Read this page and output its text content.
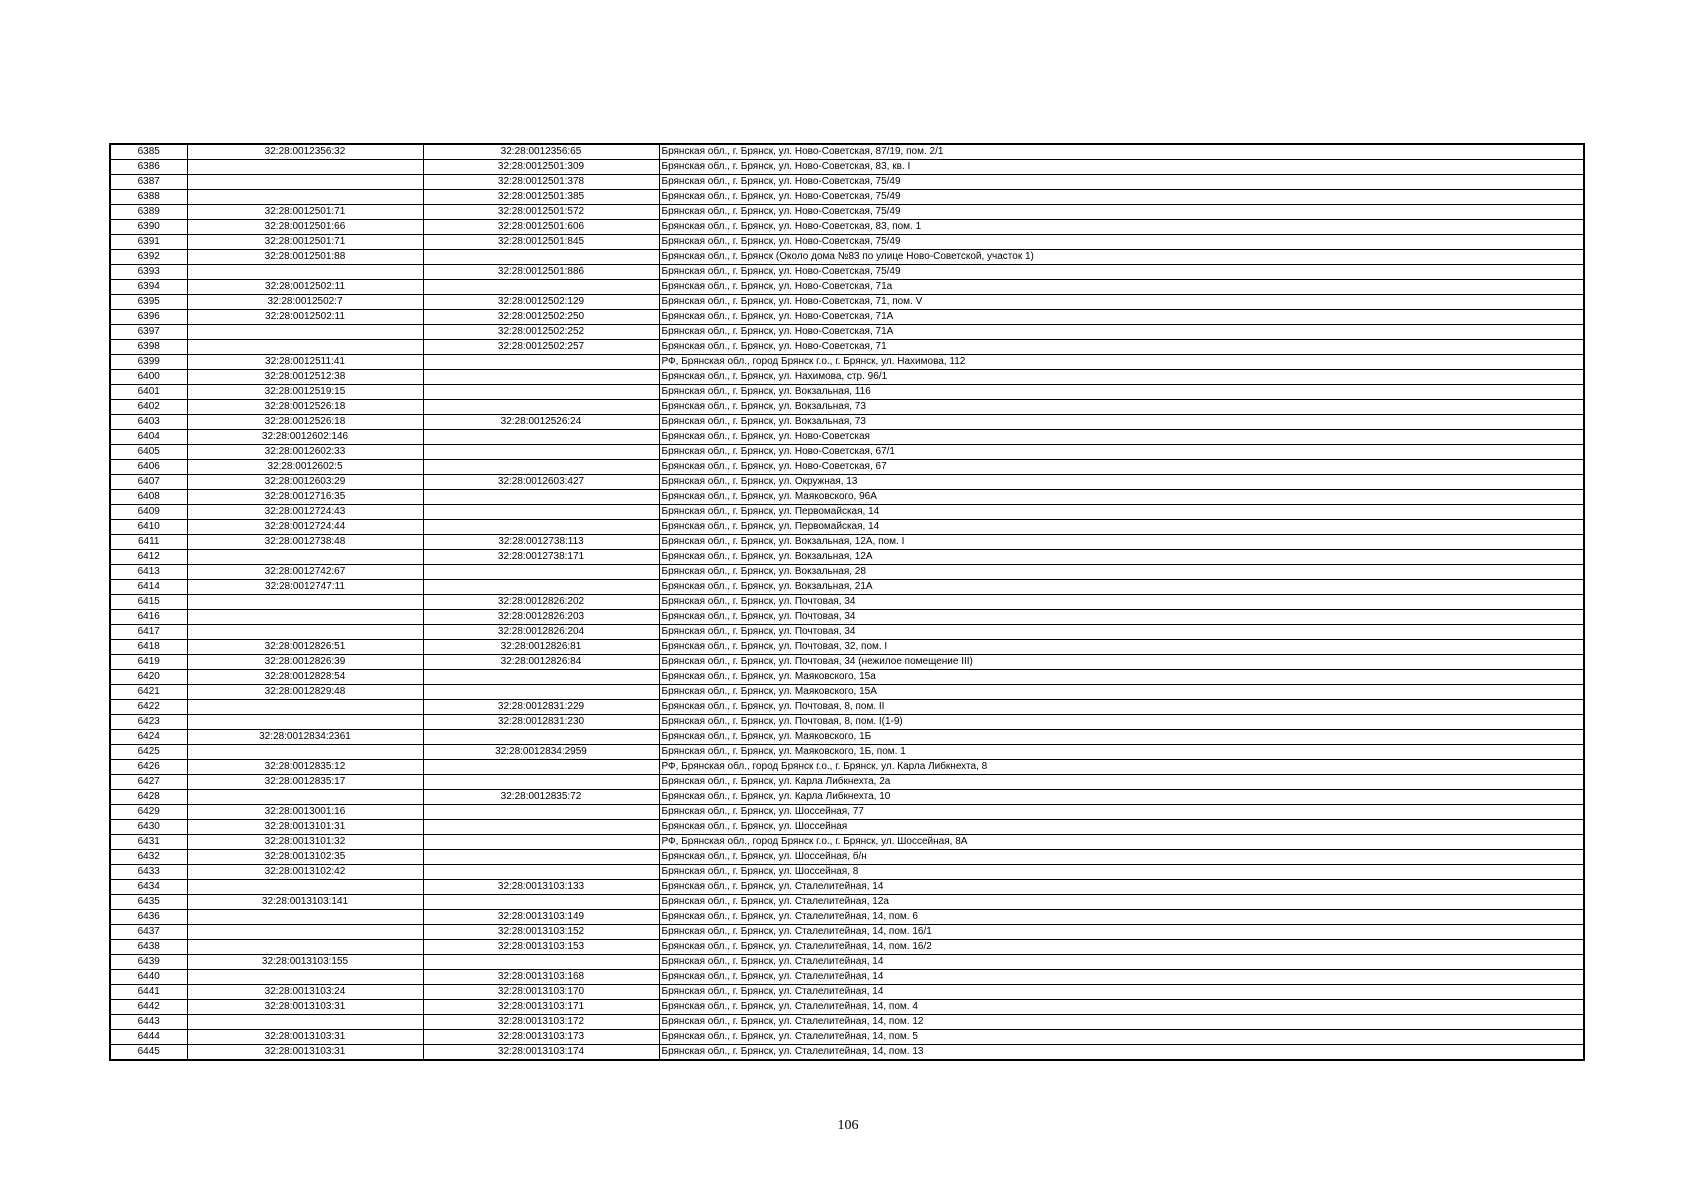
6385	32:28:0012356:32	32:28:0012356:65	Брянская обл., г. Брянск, ул. Ново-Советская, 87/19, пом. 2/1
6386		32:28:0012501:309	Брянская обл., г. Брянск, ул. Ново-Советская, 83, кв. I
6387		32:28:0012501:378	Брянская обл., г. Брянск, ул. Ново-Советская, 75/49
6388		32:28:0012501:385	Брянская обл., г. Брянск, ул. Ново-Советская, 75/49
6389	32:28:0012501:71	32:28:0012501:572	Брянская обл., г. Брянск, ул. Ново-Советская, 75/49
6390	32:28:0012501:66	32:28:0012501:606	Брянская обл., г. Брянск, ул. Ново-Советская, 83, пом. 1
6391	32:28:0012501:71	32:28:0012501:845	Брянская обл., г. Брянск, ул. Ново-Советская, 75/49
6392	32:28:0012501:88		Брянская обл., г. Брянск (Около дома №83 по улице Ново-Советской, участок 1)
6393		32:28:0012501:886	Брянская обл., г. Брянск, ул. Ново-Советская, 75/49
6394	32:28:0012502:11		Брянская обл., г. Брянск, ул. Ново-Советская, 71а
6395	32:28:0012502:7	32:28:0012502:129	Брянская обл., г. Брянск, ул. Ново-Советская, 71, пом. V
6396	32:28:0012502:11	32:28:0012502:250	Брянская обл., г. Брянск, ул. Ново-Советская, 71А
6397		32:28:0012502:252	Брянская обл., г. Брянск, ул. Ново-Советская, 71А
6398		32:28:0012502:257	Брянская обл., г. Брянск, ул. Ново-Советская, 71
6399	32:28:0012511:41		РФ, Брянская обл., город Брянск г.о., г. Брянск, ул. Нахимова, 112
6400	32:28:0012512:38		Брянская обл., г. Брянск, ул. Нахимова, стр. 96/1
6401	32:28:0012519:15		Брянская обл., г. Брянск, ул. Вокзальная, 116
6402	32:28:0012526:18		Брянская обл., г. Брянск, ул. Вокзальная, 73
6403	32:28:0012526:18	32:28:0012526:24	Брянская обл., г. Брянск, ул. Вокзальная, 73
6404	32:28:0012602:146		Брянская обл., г. Брянск, ул. Ново-Советская
6405	32:28:0012602:33		Брянская обл., г. Брянск, ул. Ново-Советская, 67/1
6406	32:28:0012602:5		Брянская обл., г. Брянск, ул. Ново-Советская, 67
6407	32:28:0012603:29	32:28:0012603:427	Брянская обл., г. Брянск, ул. Окружная, 13
6408	32:28:0012716:35		Брянская обл., г. Брянск, ул. Маяковского, 96А
6409	32:28:0012724:43		Брянская обл., г. Брянск, ул. Первомайская, 14
6410	32:28:0012724:44		Брянская обл., г. Брянск, ул. Первомайская, 14
6411	32:28:0012738:48	32:28:0012738:113	Брянская обл., г. Брянск, ул. Вокзальная, 12А, пом. I
6412		32:28:0012738:171	Брянская обл., г. Брянск, ул. Вокзальная, 12А
6413	32:28:0012742:67		Брянская обл., г. Брянск, ул. Вокзальная, 28
6414	32:28:0012747:11		Брянская обл., г. Брянск, ул. Вокзальная, 21А
6415		32:28:0012826:202	Брянская обл., г. Брянск, ул. Почтовая, 34
6416		32:28:0012826:203	Брянская обл., г. Брянск, ул. Почтовая, 34
6417		32:28:0012826:204	Брянская обл., г. Брянск, ул. Почтовая, 34
6418	32:28:0012826:51	32:28:0012826:81	Брянская обл., г. Брянск, ул. Почтовая, 32, пом. I
6419	32:28:0012826:39	32:28:0012826:84	Брянская обл., г. Брянск, ул. Почтовая, 34 (нежилое помещение III)
6420	32:28:0012828:54		Брянская обл., г. Брянск, ул. Маяковского, 15а
6421	32:28:0012829:48		Брянская обл., г. Брянск, ул. Маяковского, 15А
6422		32:28:0012831:229	Брянская обл., г. Брянск, ул. Почтовая, 8, пом. II
6423		32:28:0012831:230	Брянская обл., г. Брянск, ул. Почтовая, 8, пом. I(1-9)
6424	32:28:0012834:2361		Брянская обл., г. Брянск, ул. Маяковского, 1Б
6425		32:28:0012834:2959	Брянская обл., г. Брянск, ул. Маяковского, 1Б, пом. 1
6426	32:28:0012835:12		РФ, Брянская обл., город Брянск г.о., г. Брянск, ул. Карла Либкнехта, 8
6427	32:28:0012835:17		Брянская обл., г. Брянск, ул. Карла Либкнехта, 2а
6428		32:28:0012835:72	Брянская обл., г. Брянск, ул. Карла Либкнехта, 10
6429	32:28:0013001:16		Брянская обл., г. Брянск, ул. Шоссейная, 77
6430	32:28:0013101:31		Брянская обл., г. Брянск, ул. Шоссейная
6431	32:28:0013101:32		РФ, Брянская обл., город Брянск г.о., г. Брянск, ул. Шоссейная, 8А
6432	32:28:0013102:35		Брянская обл., г. Брянск, ул. Шоссейная, б/н
6433	32:28:0013102:42		Брянская обл., г. Брянск, ул. Шоссейная, 8
6434		32:28:0013103:133	Брянская обл., г. Брянск, ул. Сталелитейная, 14
6435	32:28:0013103:141		Брянская обл., г. Брянск, ул. Сталелитейная, 12а
6436		32:28:0013103:149	Брянская обл., г. Брянск, ул. Сталелитейная, 14, пом. 6
6437		32:28:0013103:152	Брянская обл., г. Брянск, ул. Сталелитейная, 14, пом. 16/1
6438		32:28:0013103:153	Брянская обл., г. Брянск, ул. Сталелитейная, 14, пом. 16/2
6439	32:28:0013103:155		Брянская обл., г. Брянск, ул. Сталелитейная, 14
6440		32:28:0013103:168	Брянская обл., г. Брянск, ул. Сталелитейная, 14
6441	32:28:0013103:24	32:28:0013103:170	Брянская обл., г. Брянск, ул. Сталелитейная, 14
6442	32:28:0013103:31	32:28:0013103:171	Брянская обл., г. Брянск, ул. Сталелитейная, 14, пом. 4
6443		32:28:0013103:172	Брянская обл., г. Брянск, ул. Сталелитейная, 14, пом. 12
6444	32:28:0013103:31	32:28:0013103:173	Брянская обл., г. Брянск, ул. Сталелитейная, 14, пом. 5
6445	32:28:0013103:31	32:28:0013103:174	Брянская обл., г. Брянск, ул. Сталелитейная, 14, пом. 13
106
